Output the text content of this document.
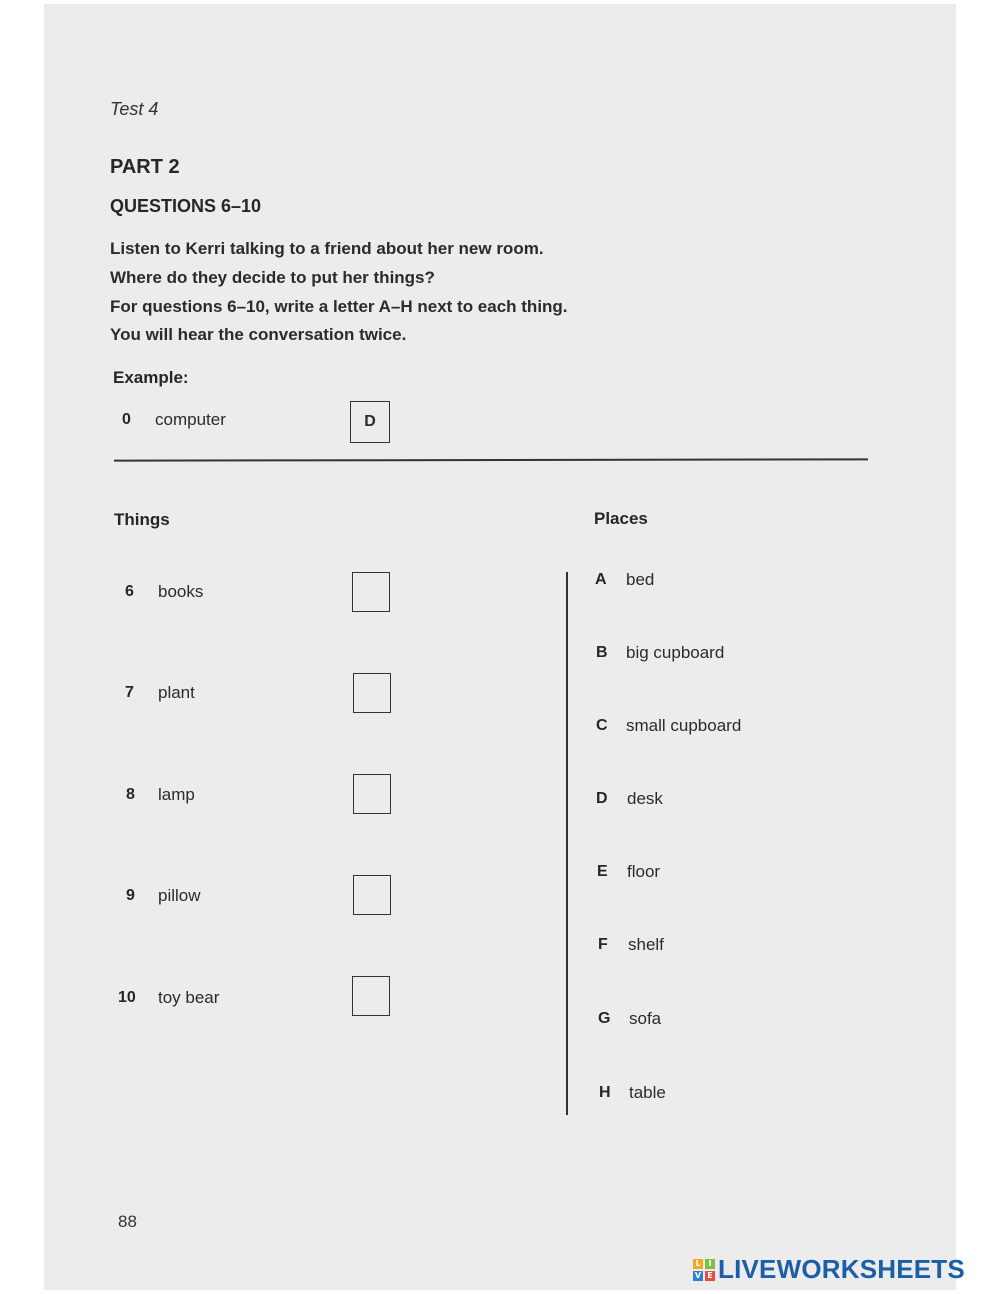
Test 4
PART 2
QUESTIONS 6–10
Listen to Kerri talking to a friend about her new room.
Where do they decide to put her things?
For questions 6–10, write a letter A–H next to each thing.
You will hear the conversation twice.
Example:
0 computer	D
Things	Places
6 books
7 plant
8 lamp
9 pillow
10 toy bear
A bed
B big cupboard
C small cupboard
D desk
E floor
F shelf
G sofa
H table
88
L I
V E LIVEWORKSHEETS
